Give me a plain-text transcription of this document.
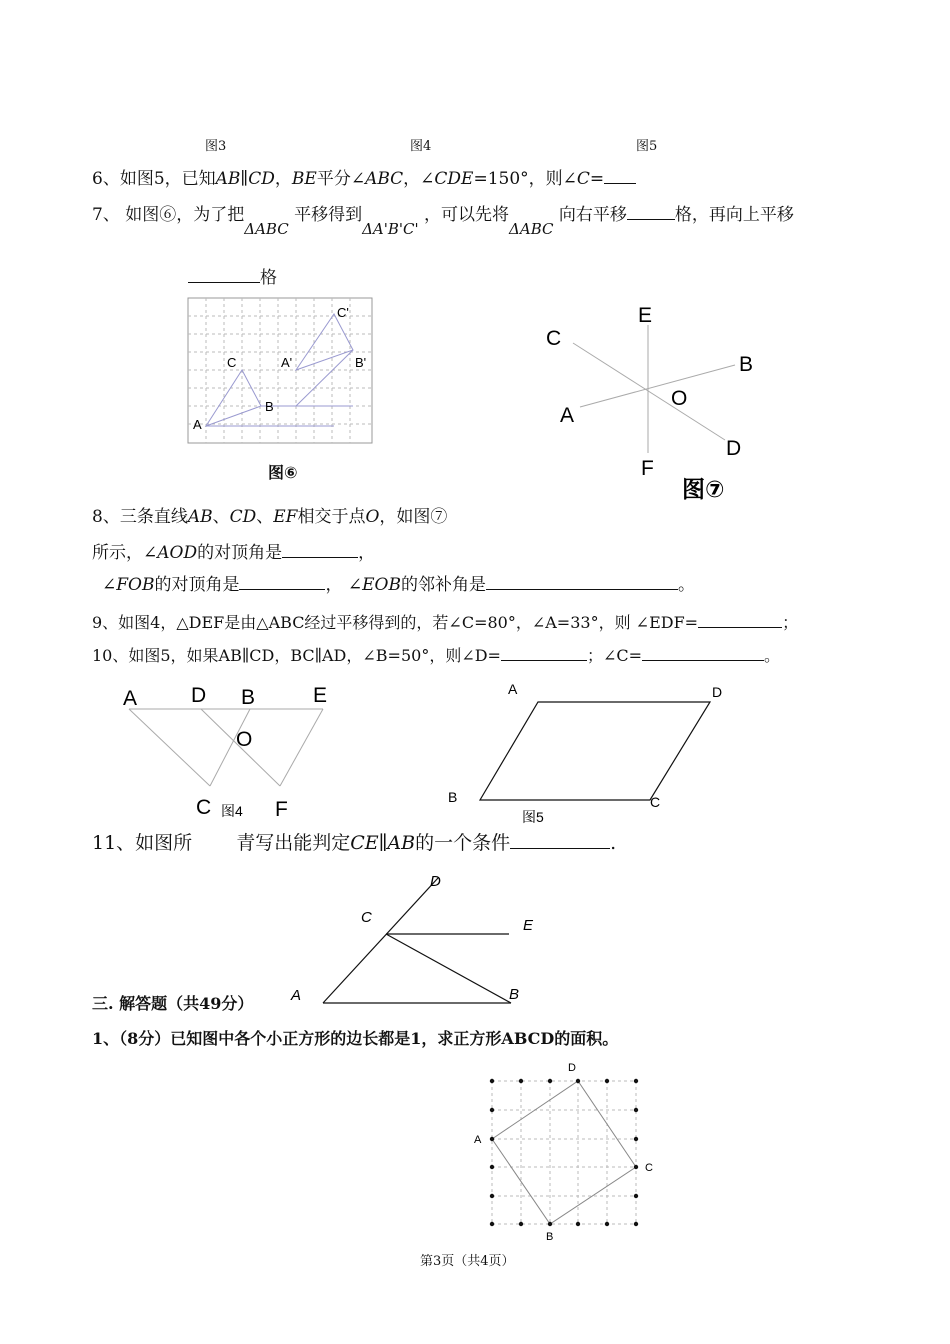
图3	图4	图5
6、如图5，已知AB∥CD，BE平分∠ABC，∠CDE=150°，则∠C=
7、 如图⑥，为了把ΔABC 平移得到ΔA'B'C' ，可以先将ΔABC 向右平移	格，再向上平移
格
A
C
B
A'
C'
B'
图⑥
E
C
B
O
A
D
F
图⑦
8、三条直线AB、CD、EF相交于点O，如图⑦
所示，∠AOD的对顶角是	，
∠FOB的对顶角是	， ∠EOB的邻补角是	。
9、如图4，△DEF是由△ABC经过平移得到的，若∠C=80°，∠A=33°，则 ∠EDF=	；
10、如图5，如果AB∥CD，BC∥AD，∠B=50°，则∠D=	；∠C=	。
A	D B	E
O
C	F
图4
A	D
B	C
图5
11、如图所 青写出能判定CE∥AB的一个条件	.
D
C	E
A	B
三. 解答题（共49分）
1、（8分）已知图中各个小正方形的边长都是1，求正方形ABCD的面积。
A
D
C
B
第3页（共4页）
